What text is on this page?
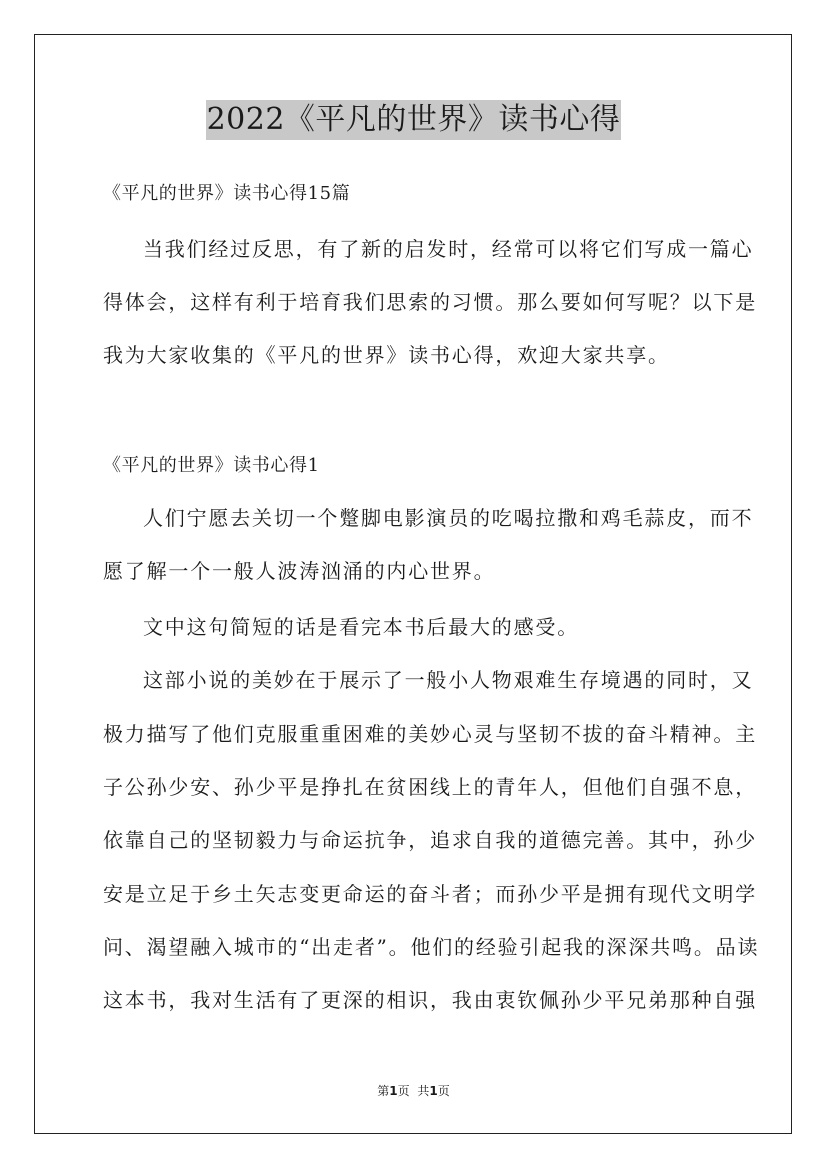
2022《平凡的世界》读书心得
《平凡的世界》读书心得15篇
当我们经过反思，有了新的启发时，经常可以将它们写成一篇心
得体会，这样有利于培育我们思索的习惯。那么要如何写呢？以下是
我为大家收集的《平凡的世界》读书心得，欢迎大家共享。
《平凡的世界》读书心得1
人们宁愿去关切一个蹩脚电影演员的吃喝拉撒和鸡毛蒜皮，而不
愿了解一个一般人波涛汹涌的内心世界。
文中这句简短的话是看完本书后最大的感受。
这部小说的美妙在于展示了一般小人物艰难生存境遇的同时，又
极力描写了他们克服重重困难的美妙心灵与坚韧不拔的奋斗精神。主
子公孙少安、孙少平是挣扎在贫困线上的青年人，但他们自强不息，
依靠自己的坚韧毅力与命运抗争，追求自我的道德完善。其中，孙少
安是立足于乡土矢志变更命运的奋斗者；而孙少平是拥有现代文明学
问、渴望融入城市的“出走者”。他们的经验引起我的深深共鸣。品读
这本书，我对生活有了更深的相识，我由衷钦佩孙少平兄弟那种自强
第1页 共1页
